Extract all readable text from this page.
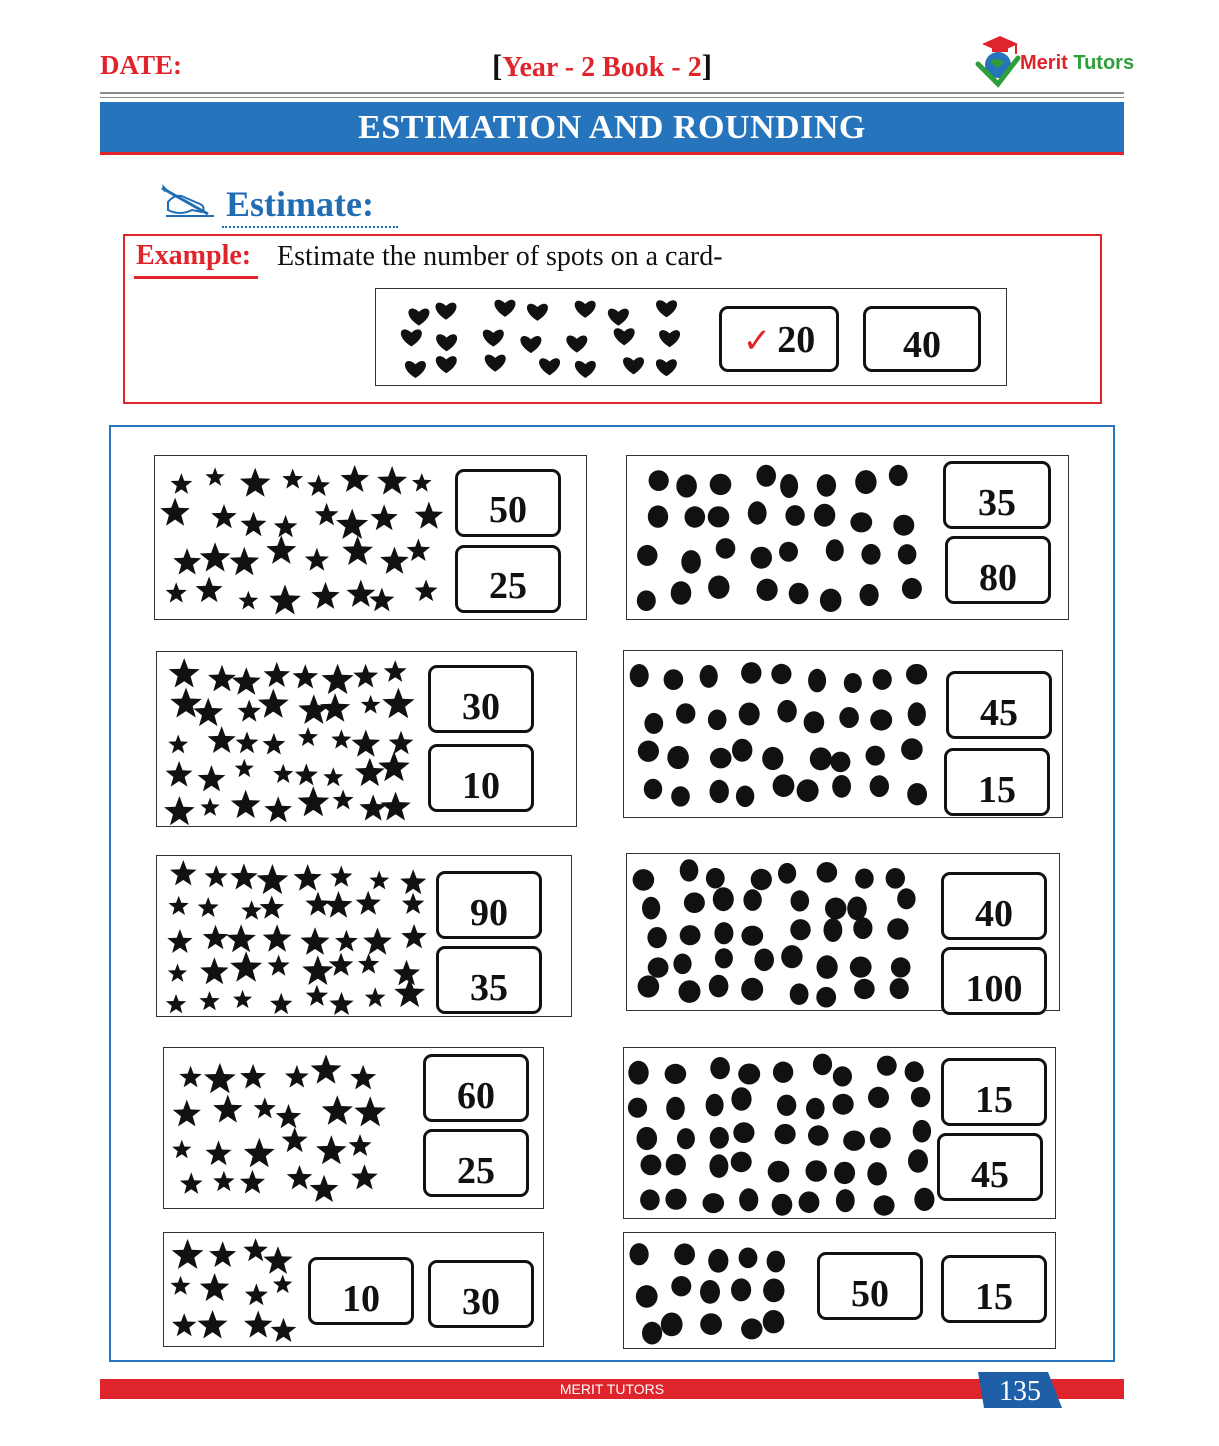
DATE:	[Year - 2 Book - 2]	Merit Tutors
ESTIMATION AND ROUNDING
Estimate:
Example: Estimate the number of spots on a card-
✓ 20	40
50
25
35
80
30
10
45
15
90
35
40
100
60
25
15
45
10	30	50	15
MERIT TUTORS	135
